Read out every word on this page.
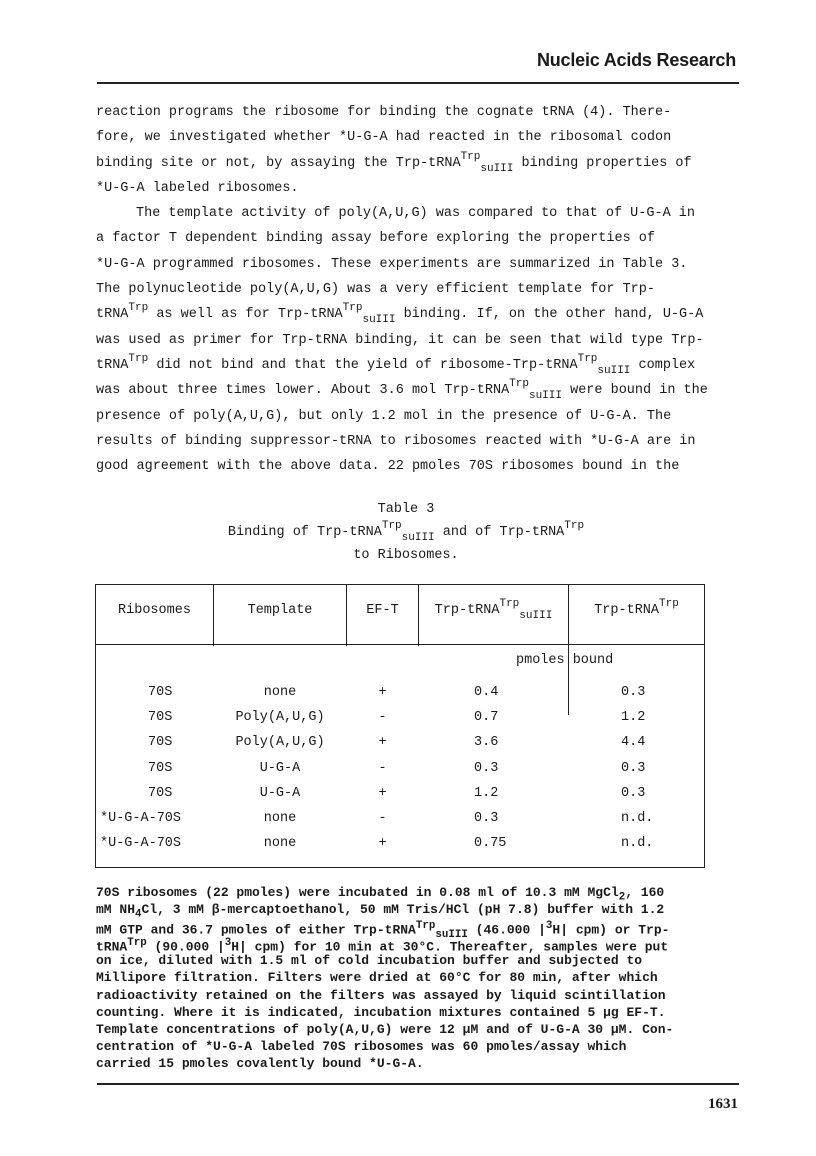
Nucleic Acids Research
reaction programs the ribosome for binding the cognate tRNA (4). There-
fore, we investigated whether *U-G-A had reacted in the ribosomal codon
binding site or not, by assaying the Trp-tRNA$^{Trp}_{suIII}$ binding properties of
*U-G-A labeled ribosomes.
The template activity of poly(A,U,G) was compared to that of U-G-A in
a factor T dependent binding assay before exploring the properties of
*U-G-A programmed ribosomes. These experiments are summarized in Table 3.
The polynucleotide poly(A,U,G) was a very efficient template for Trp-
tRNA$^{Trp}$ as well as for Trp-tRNA$^{Trp}_{suIII}$ binding. If, on the other hand, U-G-A
was used as primer for Trp-tRNA binding, it can be seen that wild type Trp-
tRNA$^{Trp}$ did not bind and that the yield of ribosome-Trp-tRNA$^{Trp}_{suIII}$ complex
was about three times lower. About 3.6 mol Trp-tRNA$^{Trp}_{suIII}$ were bound in the
presence of poly(A,U,G), but only 1.2 mol in the presence of U-G-A. The
results of binding suppressor-tRNA to ribosomes reacted with *U-G-A are in
good agreement with the above data. 22 pmoles 70S ribosomes bound in the
Table 3
Binding of Trp-tRNA$^{Trp}_{suIII}$ and of Trp-tRNA$^{Trp}$
to Ribosomes.
Ribosomes	Template	EF-T	Trp-tRNA$^{Trp}_{suIII}$	Trp-tRNA$^{Trp}$
pmoles bound
70S	none	+	0.4	0.3
70S	Poly(A,U,G)	-	0.7	1.2
70S	Poly(A,U,G)	+	3.6	4.4
70S	U-G-A	-	0.3	0.3
70S	U-G-A	+	1.2	0.3
*U-G-A-70S	none	-	0.3	n.d.
*U-G-A-70S	none	+	0.75	n.d.
70S ribosomes (22 pmoles) were incubated in 0.08 ml of 10.3 mM MgCl$_2$, 160
mM $NH_4Cl$, 3 mM β-mercaptoethanol, 50 mM Tris/HCl (pH 7.8) buffer with 1.2
mM GTP and 36.7 pmoles of either Trp-tRNA$^{Trp}_{suIII}$ (46.000 $|^3H|$ cpm) or Trp-
tRNA$^{Trp}$ (90.000 $|^3H|$ cpm) for 10 min at 30°C. Thereafter, samples were put
on ice, diluted with 1.5 ml of cold incubation buffer and subjected to
Millipore filtration. Filters were dried at 60°C for 80 min, after which
radioactivity retained on the filters was assayed by liquid scintillation
counting. Where it is indicated, incubation mixtures contained 5 µg EF-T.
Template concentrations of poly(A,U,G) were 12 µM and of U-G-A 30 µM. Con-
centration of *U-G-A labeled 70S ribosomes was 60 pmoles/assay which
carried 15 pmoles covalently bound *U-G-A.
1631
